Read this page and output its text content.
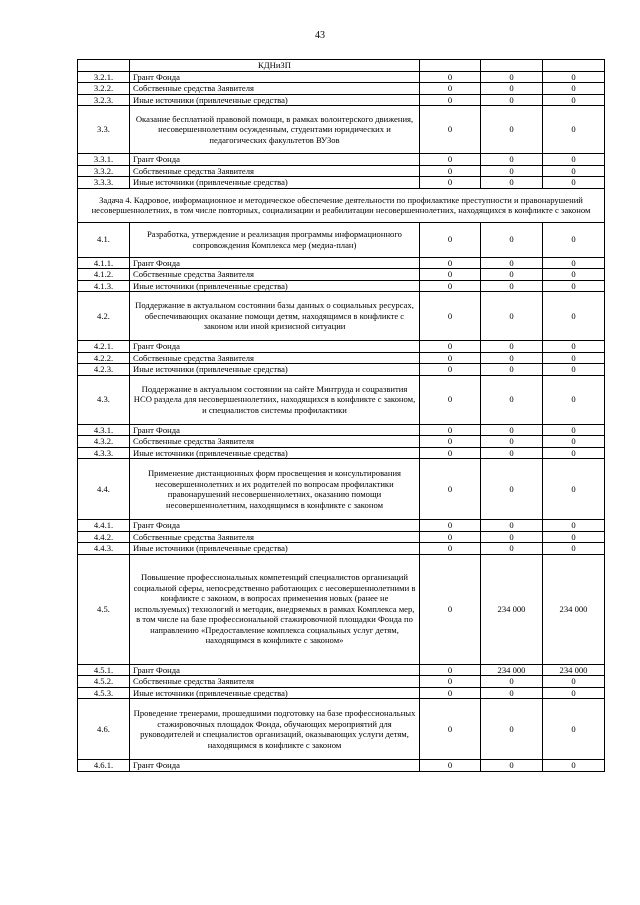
43
	КДНиЗП			
3.2.1.	Грант Фонда	0	0	0
3.2.2.	Собственные средства Заявителя	0	0	0
3.2.3.	Иные источники (привлеченные средства)	0	0	0
3.3.	Оказание бесплатной правовой помощи, в рамках волонтерского движения, несовершеннолетним осужденным, студентами юридических и педагогических факультетов ВУЗов	0	0	0
3.3.1.	Грант Фонда	0	0	0
3.3.2.	Собственные средства Заявителя	0	0	0
3.3.3.	Иные источники (привлеченные средства)	0	0	0
Задача 4. Кадровое, информационное и методическое обеспечение деятельности по профилактике преступности и правонарушений несовершеннолетних, в том числе повторных, социализации и реабилитации несовершеннолетних, находящихся в конфликте с законом				
4.1.	Разработка, утверждение и реализация программы информационного сопровождения Комплекса мер (медиа-план)	0	0	0
4.1.1.	Грант Фонда	0	0	0
4.1.2.	Собственные средства Заявителя	0	0	0
4.1.3.	Иные источники (привлеченные средства)	0	0	0
4.2.	Поддержание в актуальном состоянии базы данных о социальных ресурсах, обеспечивающих оказание помощи детям, находящимся в конфликте с законом или иной кризисной ситуации	0	0	0
4.2.1.	Грант Фонда	0	0	0
4.2.2.	Собственные средства Заявителя	0	0	0
4.2.3.	Иные источники (привлеченные средства)	0	0	0
4.3.	Поддержание в актуальном состоянии на сайте Минтруда и соцразвития НСО раздела для несовершеннолетних, находящихся в конфликте с законом, и специалистов системы профилактики	0	0	0
4.3.1.	Грант Фонда	0	0	0
4.3.2.	Собственные средства Заявителя	0	0	0
4.3.3.	Иные источники (привлеченные средства)	0	0	0
4.4.	Применение дистанционных форм просвещения и консультирования несовершеннолетних и их родителей по вопросам профилактики правонарушений несовершеннолетних, оказанию помощи несовершеннолетним, находящимся в конфликте с законом	0	0	0
4.4.1.	Грант Фонда	0	0	0
4.4.2.	Собственные средства Заявителя	0	0	0
4.4.3.	Иные источники (привлеченные средства)	0	0	0
4.5.	Повышение профессиональных компетенций специалистов организаций социальной сферы, непосредственно работающих с несовершеннолетними в конфликте с законом, в вопросах применения новых (ранее не используемых) технологий и методик, внедряемых в рамках Комплекса мер, в том числе на базе профессиональной стажировочной площадки Фонда по направлению «Предоставление комплекса социальных услуг детям, находящимся в конфликте с законом»	0	234 000	234 000
4.5.1.	Грант Фонда	0	234 000	234 000
4.5.2.	Собственные средства Заявителя	0	0	0
4.5.3.	Иные источники (привлеченные средства)	0	0	0
4.6.	Проведение тренерами, прошедшими подготовку на базе профессиональных стажировочных площадок Фонда, обучающих мероприятий для руководителей и специалистов организаций, оказывающих услуги детям, находящимся в конфликте с законом	0	0	0
4.6.1.	Грант Фонда	0	0	0
